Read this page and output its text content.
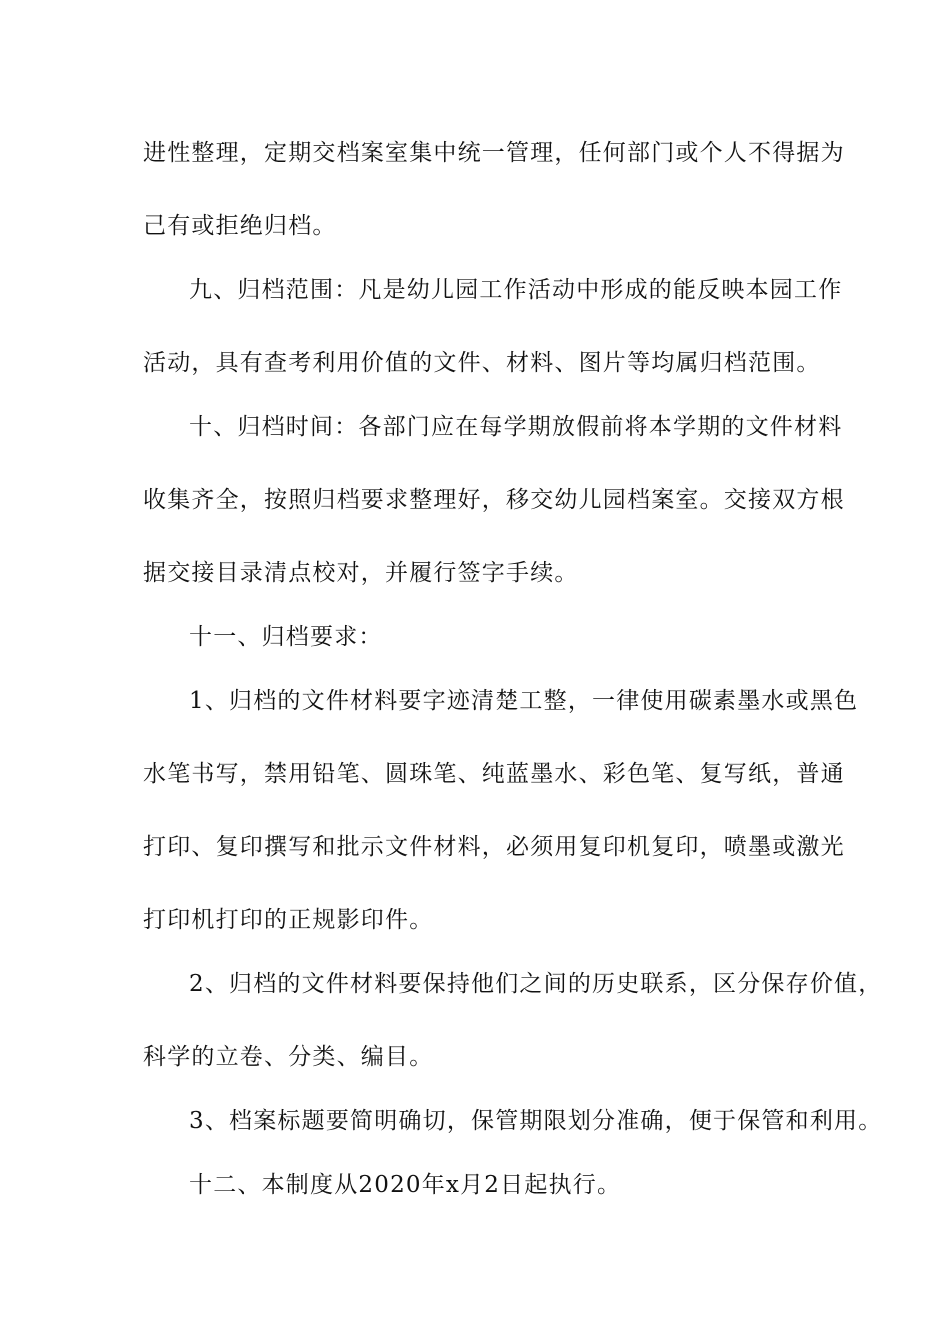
进性整理，定期交档案室集中统一管理，任何部门或个人不得据为
己有或拒绝归档。
九、归档范围：凡是幼儿园工作活动中形成的能反映本园工作
活动，具有查考利用价值的文件、材料、图片等均属归档范围。
十、归档时间：各部门应在每学期放假前将本学期的文件材料
收集齐全，按照归档要求整理好，移交幼儿园档案室。交接双方根
据交接目录清点校对，并履行签字手续。
十一、归档要求：
1、归档的文件材料要字迹清楚工整，一律使用碳素墨水或黑色
水笔书写，禁用铅笔、圆珠笔、纯蓝墨水、彩色笔、复写纸，普通
打印、复印撰写和批示文件材料，必须用复印机复印，喷墨或激光
打印机打印的正规影印件。
2、归档的文件材料要保持他们之间的历史联系，区分保存价值，
科学的立卷、分类、编目。
3、档案标题要简明确切，保管期限划分准确，便于保管和利用。
十二、本制度从2020年x月2日起执行。
